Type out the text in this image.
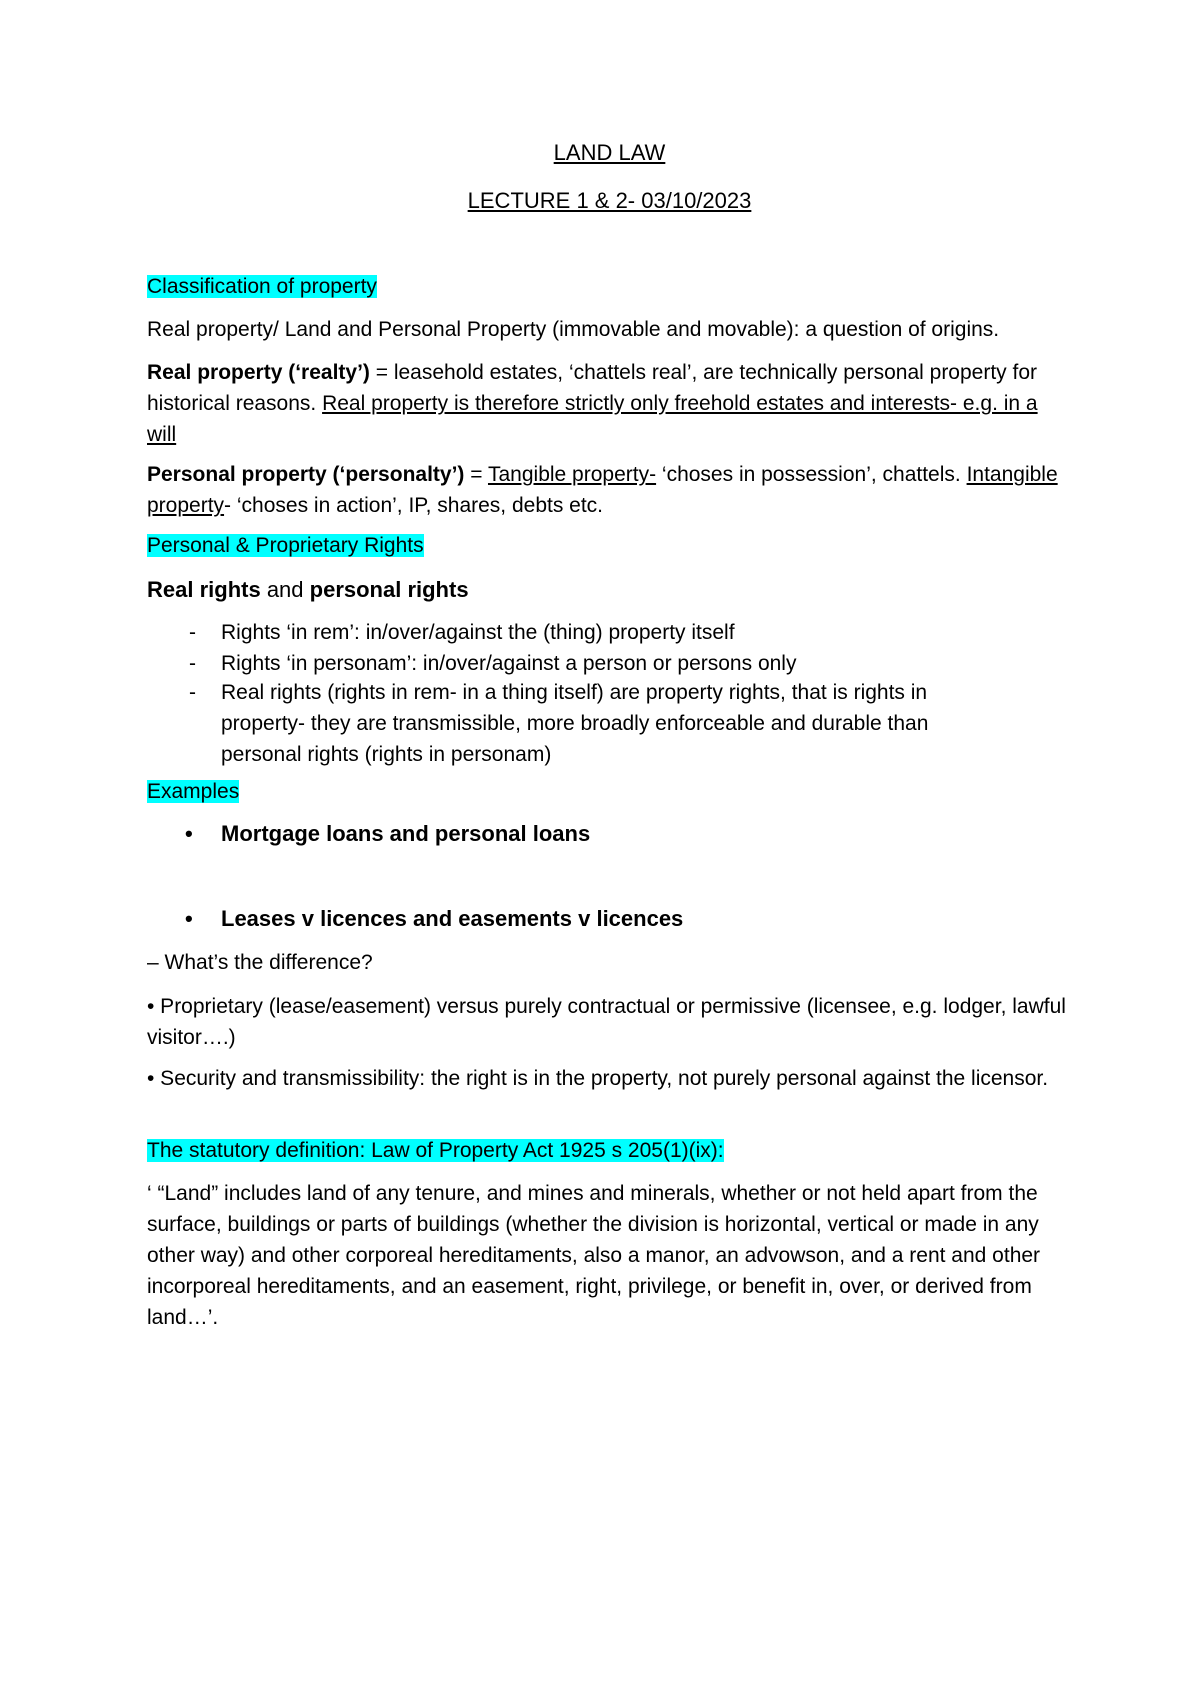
LAND LAW
LECTURE 1 & 2- 03/10/2023

Classification of property

Real property/ Land and Personal Property (immovable and movable): a question of origins.

Real property (‘realty’) = leasehold estates, ‘chattels real’, are technically personal property for historical reasons. Real property is therefore strictly only freehold estates and interests- e.g. in a will

Personal property (‘personalty’) = Tangible property- ‘choses in possession’, chattels. Intangible property- ‘choses in action’, IP, shares, debts etc.

Personal & Proprietary Rights

Real rights and personal rights

- Rights ‘in rem’: in/over/against the (thing) property itself
- Rights ‘in personam’: in/over/against a person or persons only
- Real rights (rights in rem- in a thing itself) are property rights, that is rights in property- they are transmissible, more broadly enforceable and durable than personal rights (rights in personam)

Examples

• Mortgage loans and personal loans
• Leases v licences and easements v licences

– What’s the difference?

• Proprietary (lease/easement) versus purely contractual or permissive (licensee, e.g. lodger, lawful visitor….)

• Security and transmissibility: the right is in the property, not purely personal against the licensor.

The statutory definition: Law of Property Act 1925 s 205(1)(ix):

‘ “Land” includes land of any tenure, and mines and minerals, whether or not held apart from the surface, buildings or parts of buildings (whether the division is horizontal, vertical or made in any other way) and other corporeal hereditaments, also a manor, an advowson, and a rent and other incorporeal hereditaments, and an easement, right, privilege, or benefit in, over, or derived from land…’.
